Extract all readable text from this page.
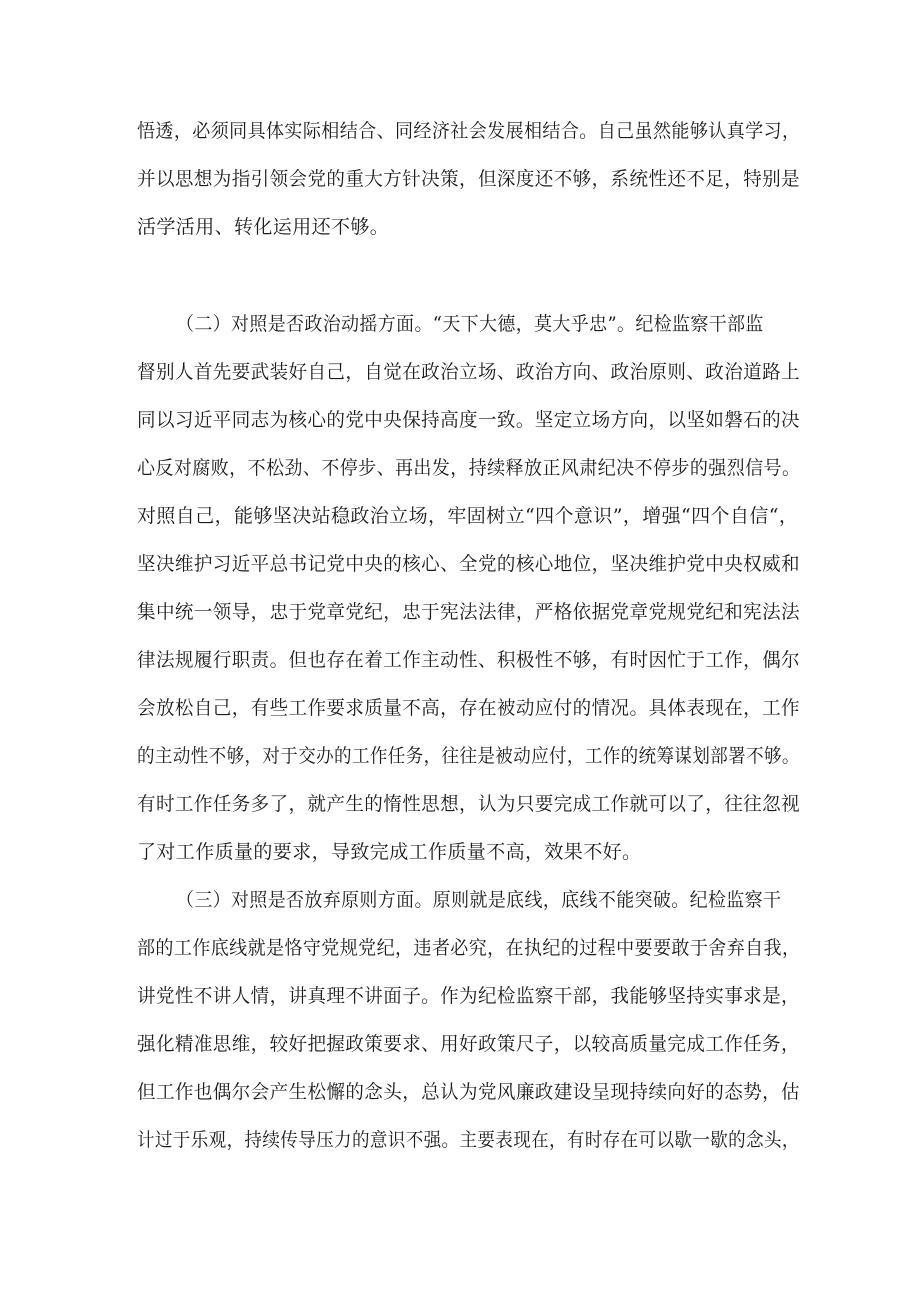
悟透，必须同具体实际相结合、同经济社会发展相结合。自己虽然能够认真学习，
并以思想为指引领会党的重大方针决策，但深度还不够，系统性还不足，特别是
活学活用、转化运用还不够。
（二）对照是否政治动摇方面。“天下大德，莫大乎忠”。纪检监察干部监
督别人首先要武装好自己，自觉在政治立场、政治方向、政治原则、政治道路上
同以习近平同志为核心的党中央保持高度一致。坚定立场方向，以坚如磐石的决
心反对腐败，不松劲、不停步、再出发，持续释放正风肃纪决不停步的强烈信号。
对照自己，能够坚决站稳政治立场，牢固树立“四个意识”，增强“四个自信“，
坚决维护习近平总书记党中央的核心、全党的核心地位，坚决维护党中央权威和
集中统一领导，忠于党章党纪，忠于宪法法律，严格依据党章党规党纪和宪法法
律法规履行职责。但也存在着工作主动性、积极性不够，有时因忙于工作，偶尔
会放松自己，有些工作要求质量不高，存在被动应付的情况。具体表现在，工作
的主动性不够，对于交办的工作任务，往往是被动应付，工作的统筹谋划部署不够。
有时工作任务多了，就产生的惰性思想，认为只要完成工作就可以了，往往忽视
了对工作质量的要求，导致完成工作质量不高，效果不好。
（三）对照是否放弃原则方面。原则就是底线，底线不能突破。纪检监察干
部的工作底线就是恪守党规党纪，违者必究，在执纪的过程中要要敢于舍弃自我，
讲党性不讲人情，讲真理不讲面子。作为纪检监察干部，我能够坚持实事求是，
强化精准思维，较好把握政策要求、用好政策尺子，以较高质量完成工作任务，
但工作也偶尔会产生松懈的念头，总认为党风廉政建设呈现持续向好的态势，估
计过于乐观，持续传导压力的意识不强。主要表现在，有时存在可以歇一歇的念头，
